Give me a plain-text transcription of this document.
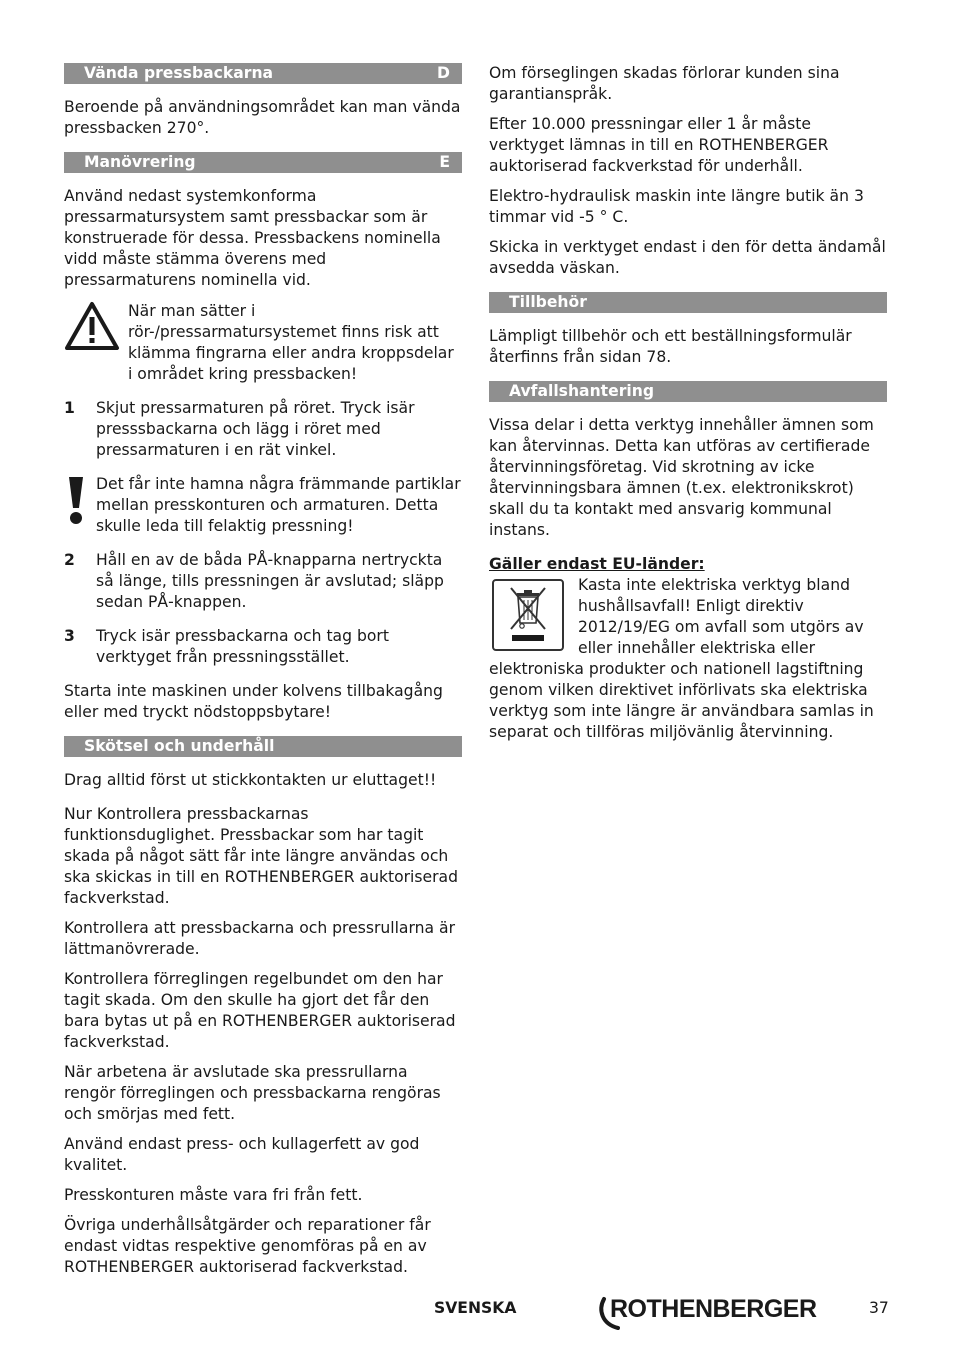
Vända pressbackarna	D

Beroende på användningsområdet kan man vända pressbacken 270°.

Manövrering	E

Använd nedast systemkonforma pressarmatursystem samt pressbackar som är konstruerade för dessa. Pressbackens nominella vidd måste stämma överens med pressarmaturens nominella vid.

När man sätter i rör-/pressarmatursystemet finns risk att klämma fingrarna eller andra kroppsdelar i området kring pressbacken!
1	Skjut pressarmaturen på röret. Tryck isär presssbackarna och lägg i röret med pressarmaturen i en rät vinkel.
Det får inte hamna några främmande partiklar mellan presskonturen och armaturen. Detta skulle leda till felaktig pressning!
2	Håll en av de båda PÅ-knapparna nertryckta så länge, tills pressningen är avslutad; släpp sedan PÅ-knappen.
3	Tryck isär pressbackarna och tag bort verktyget från pressningsstället.

Starta inte maskinen under kolvens tillbakagång eller med tryckt nödstoppsbytare!

Skötsel och underhåll

Drag alltid först ut stickkontakten ur eluttaget!!

Nur Kontrollera pressbackarnas funktionsduglighet. Pressbackar som har tagit skada på något sätt får inte längre användas och ska skickas in till en ROTHENBERGER auktoriserad fackverkstad.

Kontrollera att pressbackarna och pressrullarna är lättmanövrerade.

Kontrollera förreglingen regelbundet om den har tagit skada. Om den skulle ha gjort det får den bara bytas ut på en ROTHENBERGER auktoriserad fackverkstad.

När arbetena är avslutade ska pressrullarna rengör förreglingen och pressbackarna rengöras och smörjas med fett.

Använd endast press- och kullagerfett av god kvalitet.

Presskonturen måste vara fri från fett.

Övriga underhållsåtgärder och reparationer får endast vidtas respektive genomföras på en av ROTHENBERGER auktoriserad fackverkstad.

Om förseglingen skadas förlorar kunden sina garantianspråk.

Efter 10.000 pressningar eller 1 år måste verktyget lämnas in till en ROTHENBERGER auktoriserad fackverkstad för underhåll.

Elektro-hydraulisk maskin inte längre butik än 3 timmar vid -5 ° C.

Skicka in verktyget endast i den för detta ändamål avsedda väskan.

Tillbehör

Lämpligt tillbehör och ett beställningsformulär återfinns från sidan 78.

Avfallshantering

Vissa delar i detta verktyg innehåller ämnen som kan återvinnas. Detta kan utföras av certifierade återvinningsföretag. Vid skrotning av icke återvinningsbara ämnen (t.ex. elektronikskrot) skall du ta kontakt med ansvarig kommunal instans.

Gäller endast EU-länder:

Kasta inte elektriska verktyg bland hushållsavfall! Enligt direktiv 2012/19/EG om avfall som utgörs av eller innehåller elektriska eller elektroniska produkter och nationell lagstiftning genom vilken direktivet införlivats ska elektriska verktyg som inte längre är användbara samlas in separat och tillföras miljövänlig återvinning.
SVENSKA	ROTHENBERGER	37
